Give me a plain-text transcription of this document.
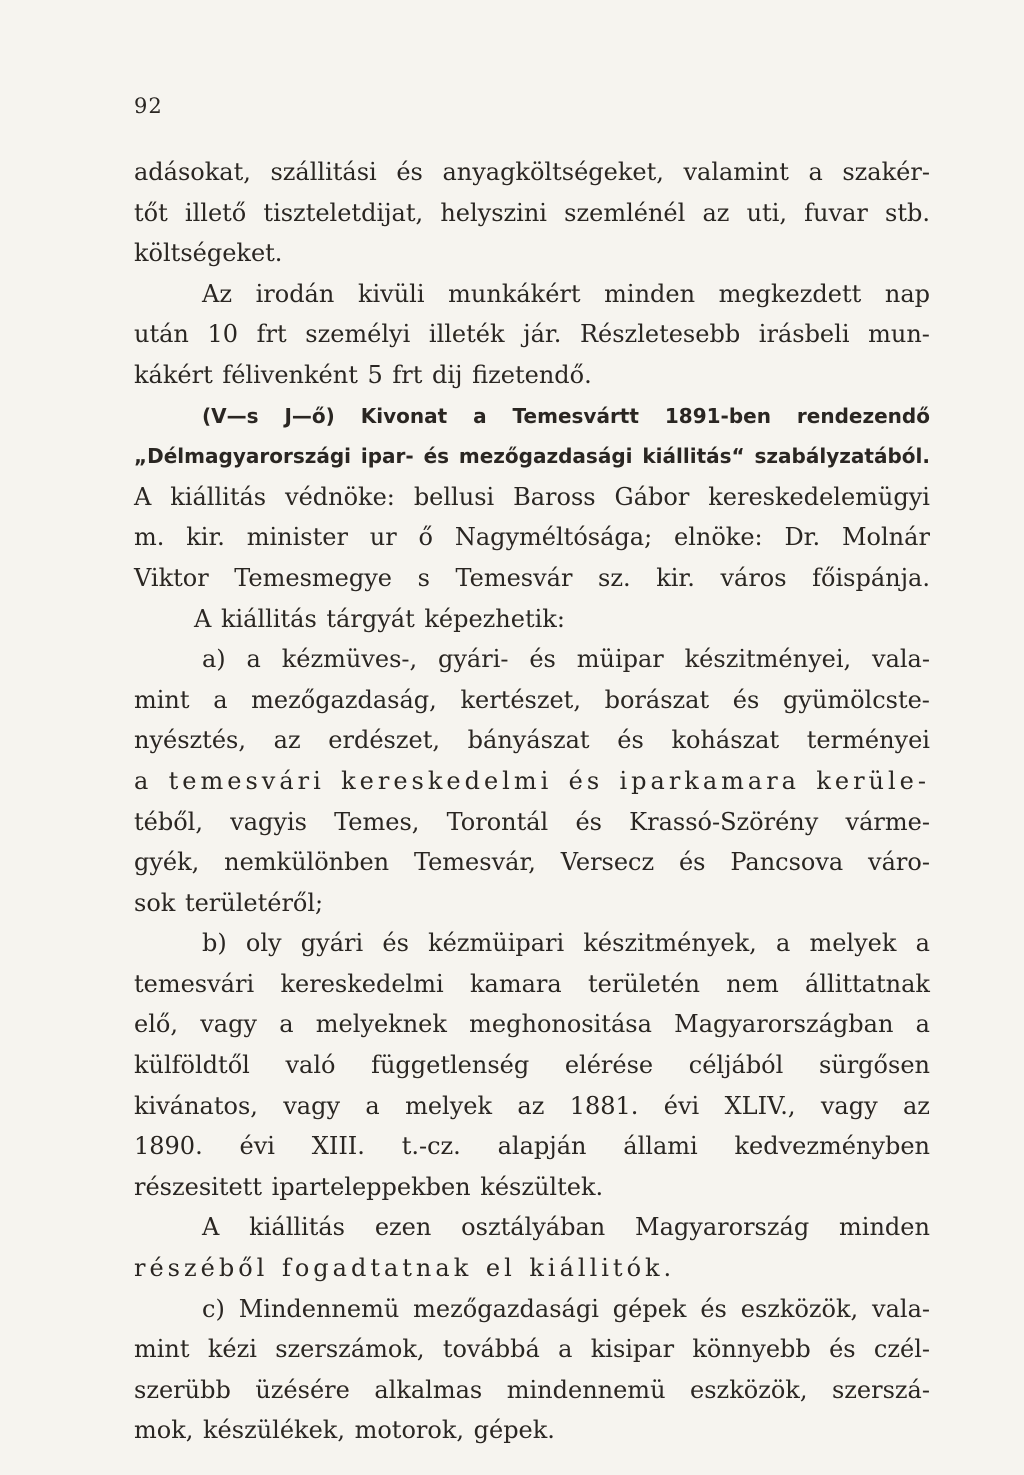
92
adásokat, szállitási és anyagköltségeket, valamint a szakér-
tőt illető tiszteletdijat, helyszini szemlénél az uti, fuvar stb.
költségeket.
Az irodán kivüli munkákért minden megkezdett nap
után 10 frt személyi illeték jár. Részletesebb irásbeli mun-
kákért félivenként 5 frt dij fizetendő.
(V—s J—ő) Kivonat a Temesvártt 1891-ben rendezendő
„Délmagyarországi ipar- és mezőgazdasági kiállitás“ szabályzatából.
A kiállitás védnöke: bellusi Baross Gábor kereskedelemügyi
m. kir. minister ur ő Nagyméltósága; elnöke: Dr. Molnár
Viktor Temesmegye s Temesvár sz. kir. város főispánja.
A kiállitás tárgyát képezhetik:
a) a kézmüves-, gyári- és müipar készitményei, vala-
mint a mezőgazdaság, kertészet, borászat és gyümölcste-
nyésztés, az erdészet, bányászat és kohászat terményei
a temesvári kereskedelmi és iparkamara kerüle-
téből, vagyis Temes, Torontál és Krassó-Szörény várme-
gyék, nemkülönben Temesvár, Versecz és Pancsova váro-
sok területéről;
b) oly gyári és kézmüipari készitmények, a melyek a
temesvári kereskedelmi kamara területén nem állittatnak
elő, vagy a melyeknek meghonositása Magyarországban a
külföldtől való függetlenség elérése céljából sürgősen
kivánatos, vagy a melyek az 1881. évi XLIV., vagy az
1890. évi XIII. t.-cz. alapján állami kedvezményben
részesitett iparteleppekben készültek.
A kiállitás ezen osztályában Magyarország minden
részéből fogadtatnak el kiállitók.
c) Mindennemü mezőgazdasági gépek és eszközök, vala-
mint kézi szerszámok, továbbá a kisipar könnyebb és czél-
szerübb üzésére alkalmas mindennemü eszközök, szerszá-
mok, készülékek, motorok, gépek.
